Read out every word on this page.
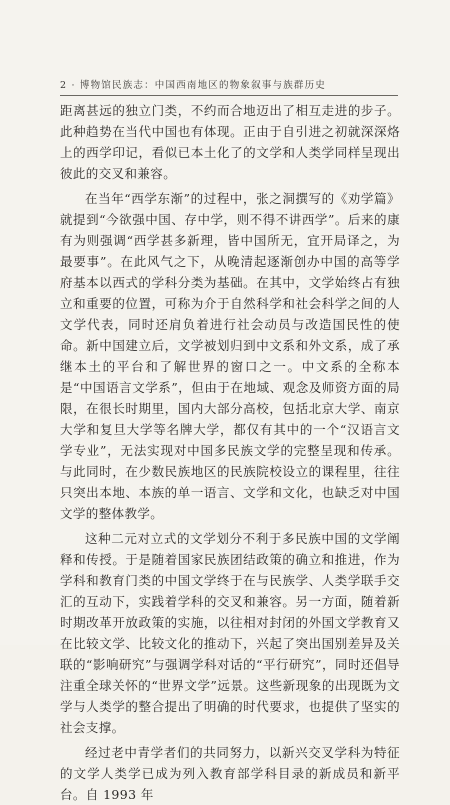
2 · 博物馆民族志：中国西南地区的物象叙事与族群历史

距离甚远的独立门类，不约而合地迈出了相互走进的步子。此种趋势在当代中国也有体现。正由于自引进之初就深深烙上的西学印记，看似已本土化了的文学和人类学同样呈现出彼此的交叉和兼容。

在当年“西学东渐”的过程中，张之洞撰写的《劝学篇》就提到“今欲强中国、存中学，则不得不讲西学”。后来的康有为则强调“西学甚多新理，皆中国所无，宜开局译之，为最要事”。在此风气之下，从晚清起逐渐创办中国的高等学府基本以西式的学科分类为基础。在其中，文学始终占有独立和重要的位置，可称为介于自然科学和社会科学之间的人文学代表，同时还肩负着进行社会动员与改造国民性的使命。新中国建立后，文学被划归到中文系和外文系，成了承继本土的平台和了解世界的窗口之一。中文系的全称本是“中国语言文学系”，但由于在地域、观念及师资方面的局限，在很长时期里，国内大部分高校，包括北京大学、南京大学和复旦大学等名牌大学，都仅有其中的一个“汉语言文学专业”，无法实现对中国多民族文学的完整呈现和传承。与此同时，在少数民族地区的民族院校设立的课程里，往往只突出本地、本族的单一语言、文学和文化，也缺乏对中国文学的整体教学。

这种二元对立式的文学划分不利于多民族中国的文学阐释和传授。于是随着国家民族团结政策的确立和推进，作为学科和教育门类的中国文学终于在与民族学、人类学联手交汇的互动下，实践着学科的交叉和兼容。另一方面，随着新时期改革开放政策的实施，以往相对封闭的外国文学教育又在比较文学、比较文化的推动下，兴起了突出国别差异及关联的“影响研究”与强调学科对话的“平行研究”，同时还倡导注重全球关怀的“世界文学”远景。这些新现象的出现既为文学与人类学的整合提出了明确的时代要求，也提供了坚实的社会支撑。

经过老中青学者们的共同努力，以新兴交叉学科为特征的文学人类学已成为列入教育部学科目录的新成员和新平台。自 1993 年
